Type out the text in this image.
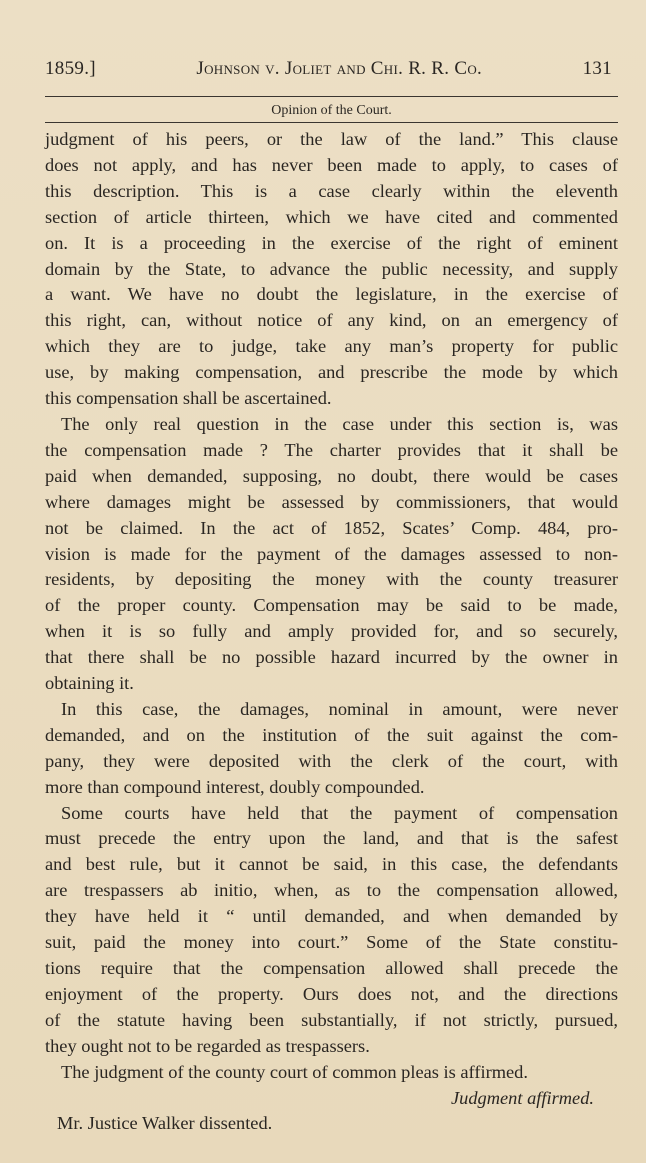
1859.]	Johnson v. Joliet and Chi. R. R. Co.	131
Opinion of the Court.
judgment of his peers, or the law of the land.” This clause
does not apply, and has never been made to apply, to cases of
this description. This is a case clearly within the eleventh
section of article thirteen, which we have cited and commented
on. It is a proceeding in the exercise of the right of eminent
domain by the State, to advance the public necessity, and supply
a want. We have no doubt the legislature, in the exercise of
this right, can, without notice of any kind, on an emergency of
which they are to judge, take any man’s property for public
use, by making compensation, and prescribe the mode by which
this compensation shall be ascertained.
The only real question in the case under this section is, was
the compensation made ? The charter provides that it shall be
paid when demanded, supposing, no doubt, there would be cases
where damages might be assessed by commissioners, that would
not be claimed. In the act of 1852, Scates’ Comp. 484, pro-
vision is made for the payment of the damages assessed to non-
residents, by depositing the money with the county treasurer
of the proper county. Compensation may be said to be made,
when it is so fully and amply provided for, and so securely,
that there shall be no possible hazard incurred by the owner in
obtaining it.
In this case, the damages, nominal in amount, were never
demanded, and on the institution of the suit against the com-
pany, they were deposited with the clerk of the court, with
more than compound interest, doubly compounded.
Some courts have held that the payment of compensation
must precede the entry upon the land, and that is the safest
and best rule, but it cannot be said, in this case, the defendants
are trespassers ab initio, when, as to the compensation allowed,
they have held it “ until demanded, and when demanded by
suit, paid the money into court.” Some of the State constitu-
tions require that the compensation allowed shall precede the
enjoyment of the property. Ours does not, and the directions
of the statute having been substantially, if not strictly, pursued,
they ought not to be regarded as trespassers.
The judgment of the county court of common pleas is affirmed.
Judgment affirmed.
Mr. Justice Walker dissented.
